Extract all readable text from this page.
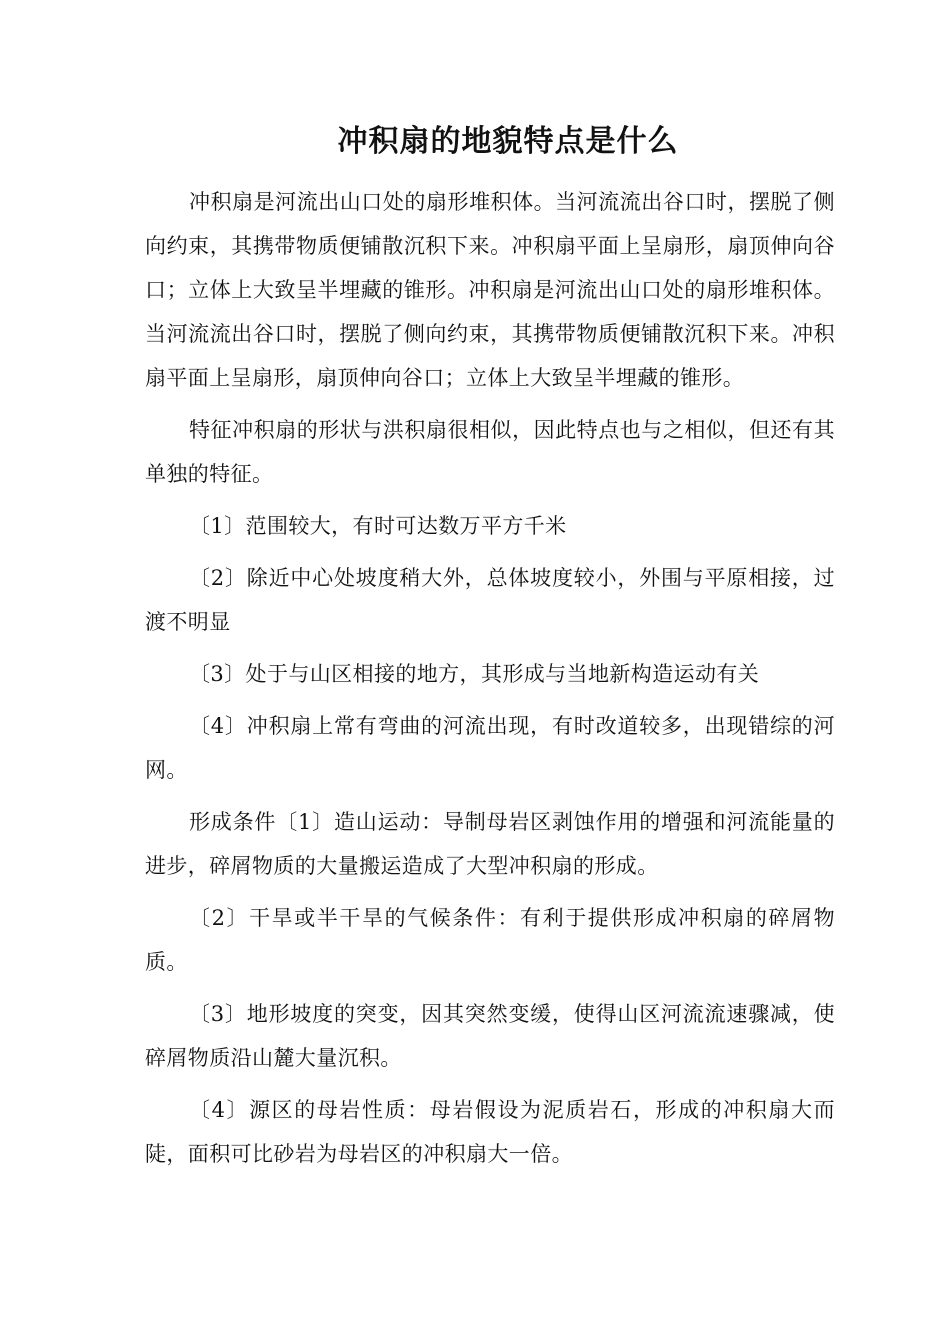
冲积扇的地貌特点是什么

冲积扇是河流出山口处的扇形堆积体。当河流流出谷口时，摆脱了侧向约束，其携带物质便铺散沉积下来。冲积扇平面上呈扇形，扇顶伸向谷口；立体上大致呈半埋藏的锥形。冲积扇是河流出山口处的扇形堆积体。当河流流出谷口时，摆脱了侧向约束，其携带物质便铺散沉积下来。冲积扇平面上呈扇形，扇顶伸向谷口；立体上大致呈半埋藏的锥形。

特征冲积扇的形状与洪积扇很相似，因此特点也与之相似，但还有其单独的特征。

〔1〕范围较大，有时可达数万平方千米

〔2〕除近中心处坡度稍大外，总体坡度较小，外围与平原相接，过渡不明显

〔3〕处于与山区相接的地方，其形成与当地新构造运动有关

〔4〕冲积扇上常有弯曲的河流出现，有时改道较多，出现错综的河网。

形成条件〔1〕造山运动：导制母岩区剥蚀作用的增强和河流能量的进步，碎屑物质的大量搬运造成了大型冲积扇的形成。

〔2〕干旱或半干旱的气候条件：有利于提供形成冲积扇的碎屑物质。

〔3〕地形坡度的突变，因其突然变缓，使得山区河流流速骤减，使碎屑物质沿山麓大量沉积。

〔4〕源区的母岩性质：母岩假设为泥质岩石，形成的冲积扇大而陡，面积可比砂岩为母岩区的冲积扇大一倍。
